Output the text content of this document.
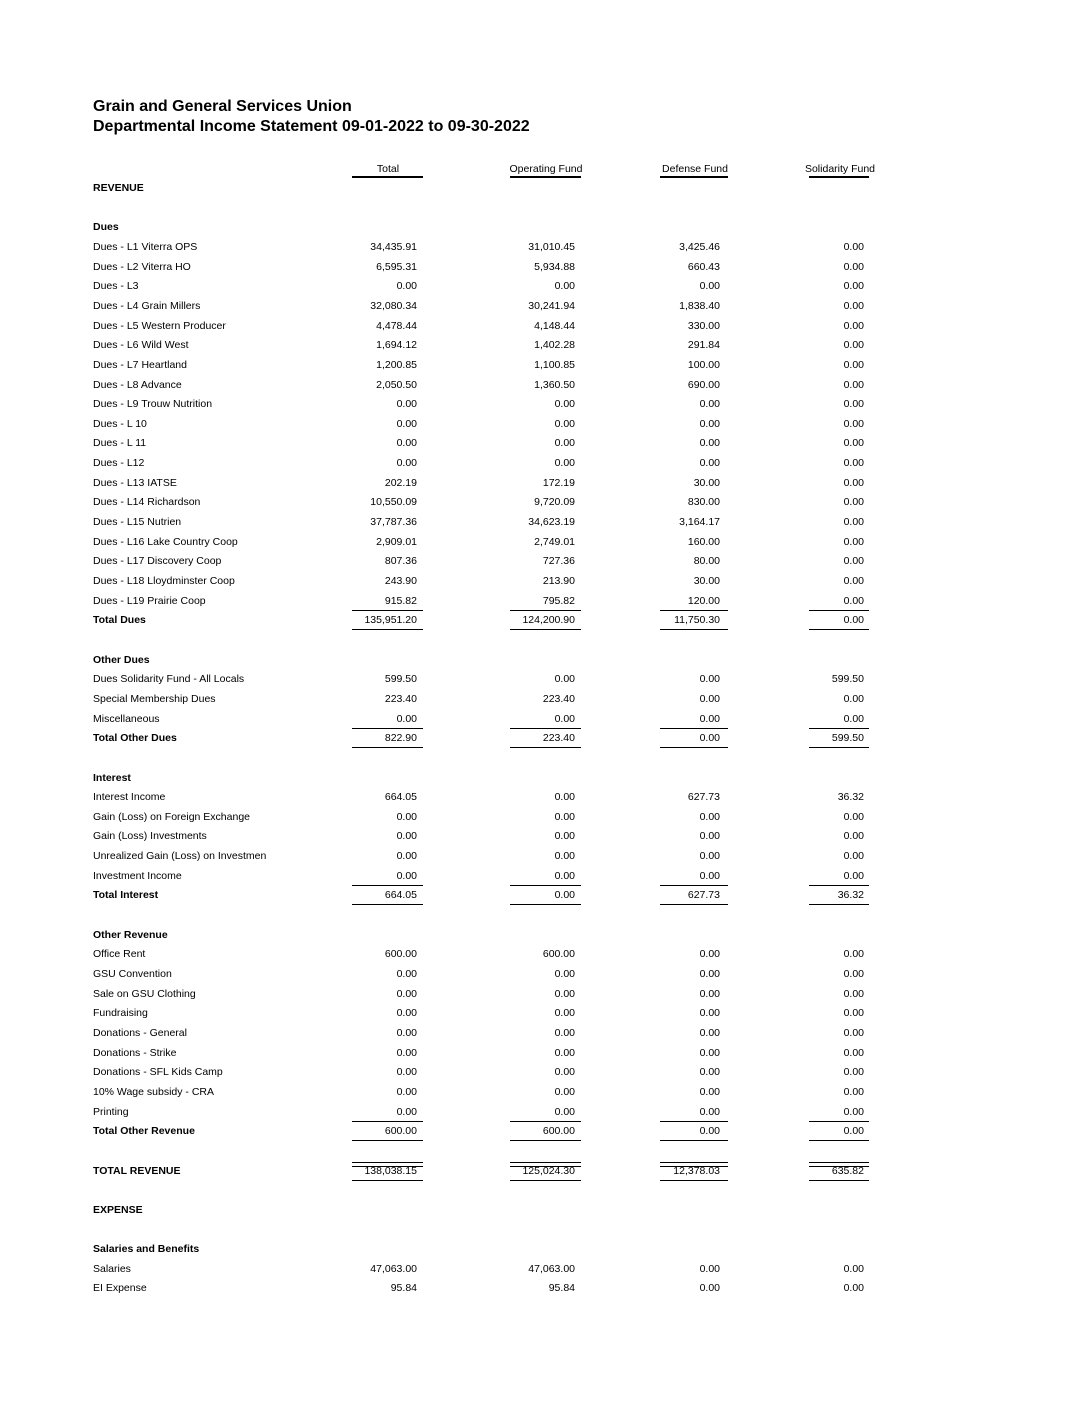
Grain and General Services Union
Departmental Income Statement 09-01-2022 to 09-30-2022
Total	Operating Fund	Defense Fund	Solidarity Fund
REVENUE
Dues
Dues - L1 Viterra OPS	34,435.91	31,010.45	3,425.46	0.00
Dues - L2 Viterra HO	6,595.31	5,934.88	660.43	0.00
Dues - L3	0.00	0.00	0.00	0.00
Dues - L4 Grain Millers	32,080.34	30,241.94	1,838.40	0.00
Dues - L5 Western Producer	4,478.44	4,148.44	330.00	0.00
Dues - L6 Wild West	1,694.12	1,402.28	291.84	0.00
Dues - L7 Heartland	1,200.85	1,100.85	100.00	0.00
Dues - L8 Advance	2,050.50	1,360.50	690.00	0.00
Dues - L9 Trouw Nutrition	0.00	0.00	0.00	0.00
Dues - L 10	0.00	0.00	0.00	0.00
Dues - L 11	0.00	0.00	0.00	0.00
Dues - L12	0.00	0.00	0.00	0.00
Dues - L13 IATSE	202.19	172.19	30.00	0.00
Dues - L14 Richardson	10,550.09	9,720.09	830.00	0.00
Dues - L15 Nutrien	37,787.36	34,623.19	3,164.17	0.00
Dues - L16 Lake Country Coop	2,909.01	2,749.01	160.00	0.00
Dues - L17 Discovery Coop	807.36	727.36	80.00	0.00
Dues - L18 Lloydminster Coop	243.90	213.90	30.00	0.00
Dues - L19 Prairie Coop	915.82	795.82	120.00	0.00
Total Dues	135,951.20	124,200.90	11,750.30	0.00
Other Dues
Dues Solidarity Fund - All Locals	599.50	0.00	0.00	599.50
Special Membership Dues	223.40	223.40	0.00	0.00
Miscellaneous	0.00	0.00	0.00	0.00
Total Other Dues	822.90	223.40	0.00	599.50
Interest
Interest Income	664.05	0.00	627.73	36.32
Gain (Loss) on Foreign Exchange	0.00	0.00	0.00	0.00
Gain (Loss) Investments	0.00	0.00	0.00	0.00
Unrealized Gain (Loss) on Investmen	0.00	0.00	0.00	0.00
Investment Income	0.00	0.00	0.00	0.00
Total Interest	664.05	0.00	627.73	36.32
Other Revenue
Office Rent	600.00	600.00	0.00	0.00
GSU Convention	0.00	0.00	0.00	0.00
Sale on GSU Clothing	0.00	0.00	0.00	0.00
Fundraising	0.00	0.00	0.00	0.00
Donations - General	0.00	0.00	0.00	0.00
Donations - Strike	0.00	0.00	0.00	0.00
Donations - SFL Kids Camp	0.00	0.00	0.00	0.00
10% Wage subsidy - CRA	0.00	0.00	0.00	0.00
Printing	0.00	0.00	0.00	0.00
Total Other Revenue	600.00	600.00	0.00	0.00
TOTAL REVENUE	138,038.15	125,024.30	12,378.03	635.82
EXPENSE
Salaries and Benefits
Salaries	47,063.00	47,063.00	0.00	0.00
EI Expense	95.84	95.84	0.00	0.00
